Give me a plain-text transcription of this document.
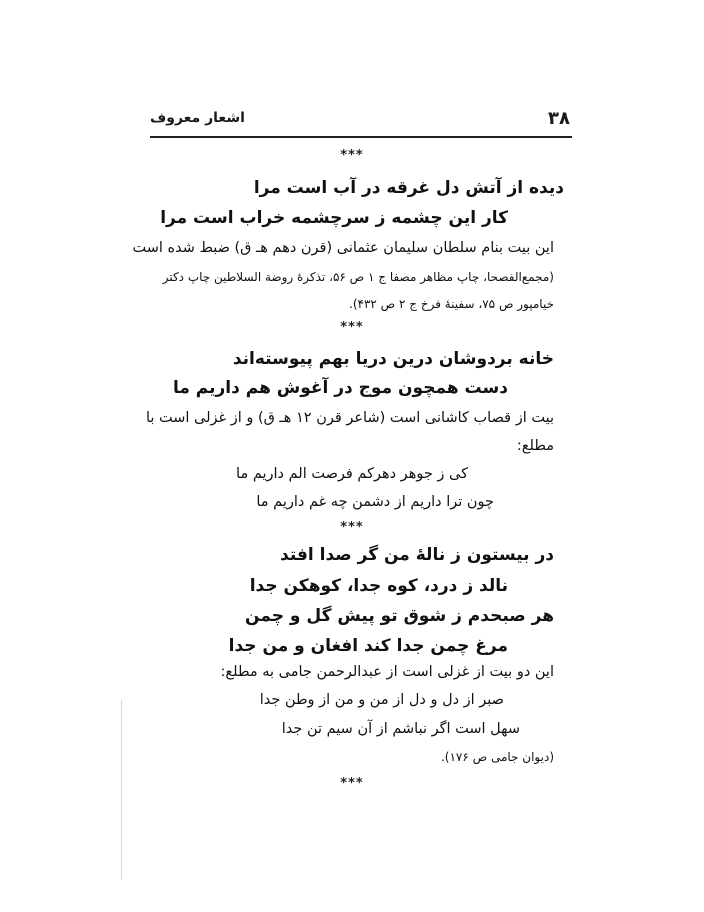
۳۸
اشعار معروف
***
دیده از آتش دل غرقه در آب است مرا
کار این چشمه ز سرچشمه خراب است مرا
این بیت بنام سلطان سلیمان عثمانی (قرن دهم هـ ق) ضبط شده است
(مجمع‌الفصحا، چاپ مظاهر مصفا ج ۱ ص ۵۶، تذکرهٔ روضة السلاطین چاپ دکتر
خیامپور ص ۷۵، سفینهٔ فرخ ج ۲ ص ۴۳۲).
***
خانه بردوشان درین دریا بهم پیوسته‌اند
دست همچون موج در آغوش هم داریم ما
بیت از قصاب کاشانی است (شاعر قرن ۱۲ هـ ق) و از غزلی است با
مطلع:
کی ز جوهر دهرکم فرصت الم داریم ما
چون ترا داریم از دشمن چه غم داریم ما
***
در بیستون ز نالهٔ من گر صدا افتد
نالد ز درد، کوه جدا، کوهکن جدا
هر صبحدم ز شوق تو پیش گل و چمن
مرغ چمن جدا کند افغان و من جدا
این دو بیت از غزلی است از عبدالرحمن جامی به مطلع:
صبر از دل و دل از من و من از وطن جدا
سهل است اگر نباشم از آن سیم تن جدا
(دیوان جامی ص ۱۷۶).
***
